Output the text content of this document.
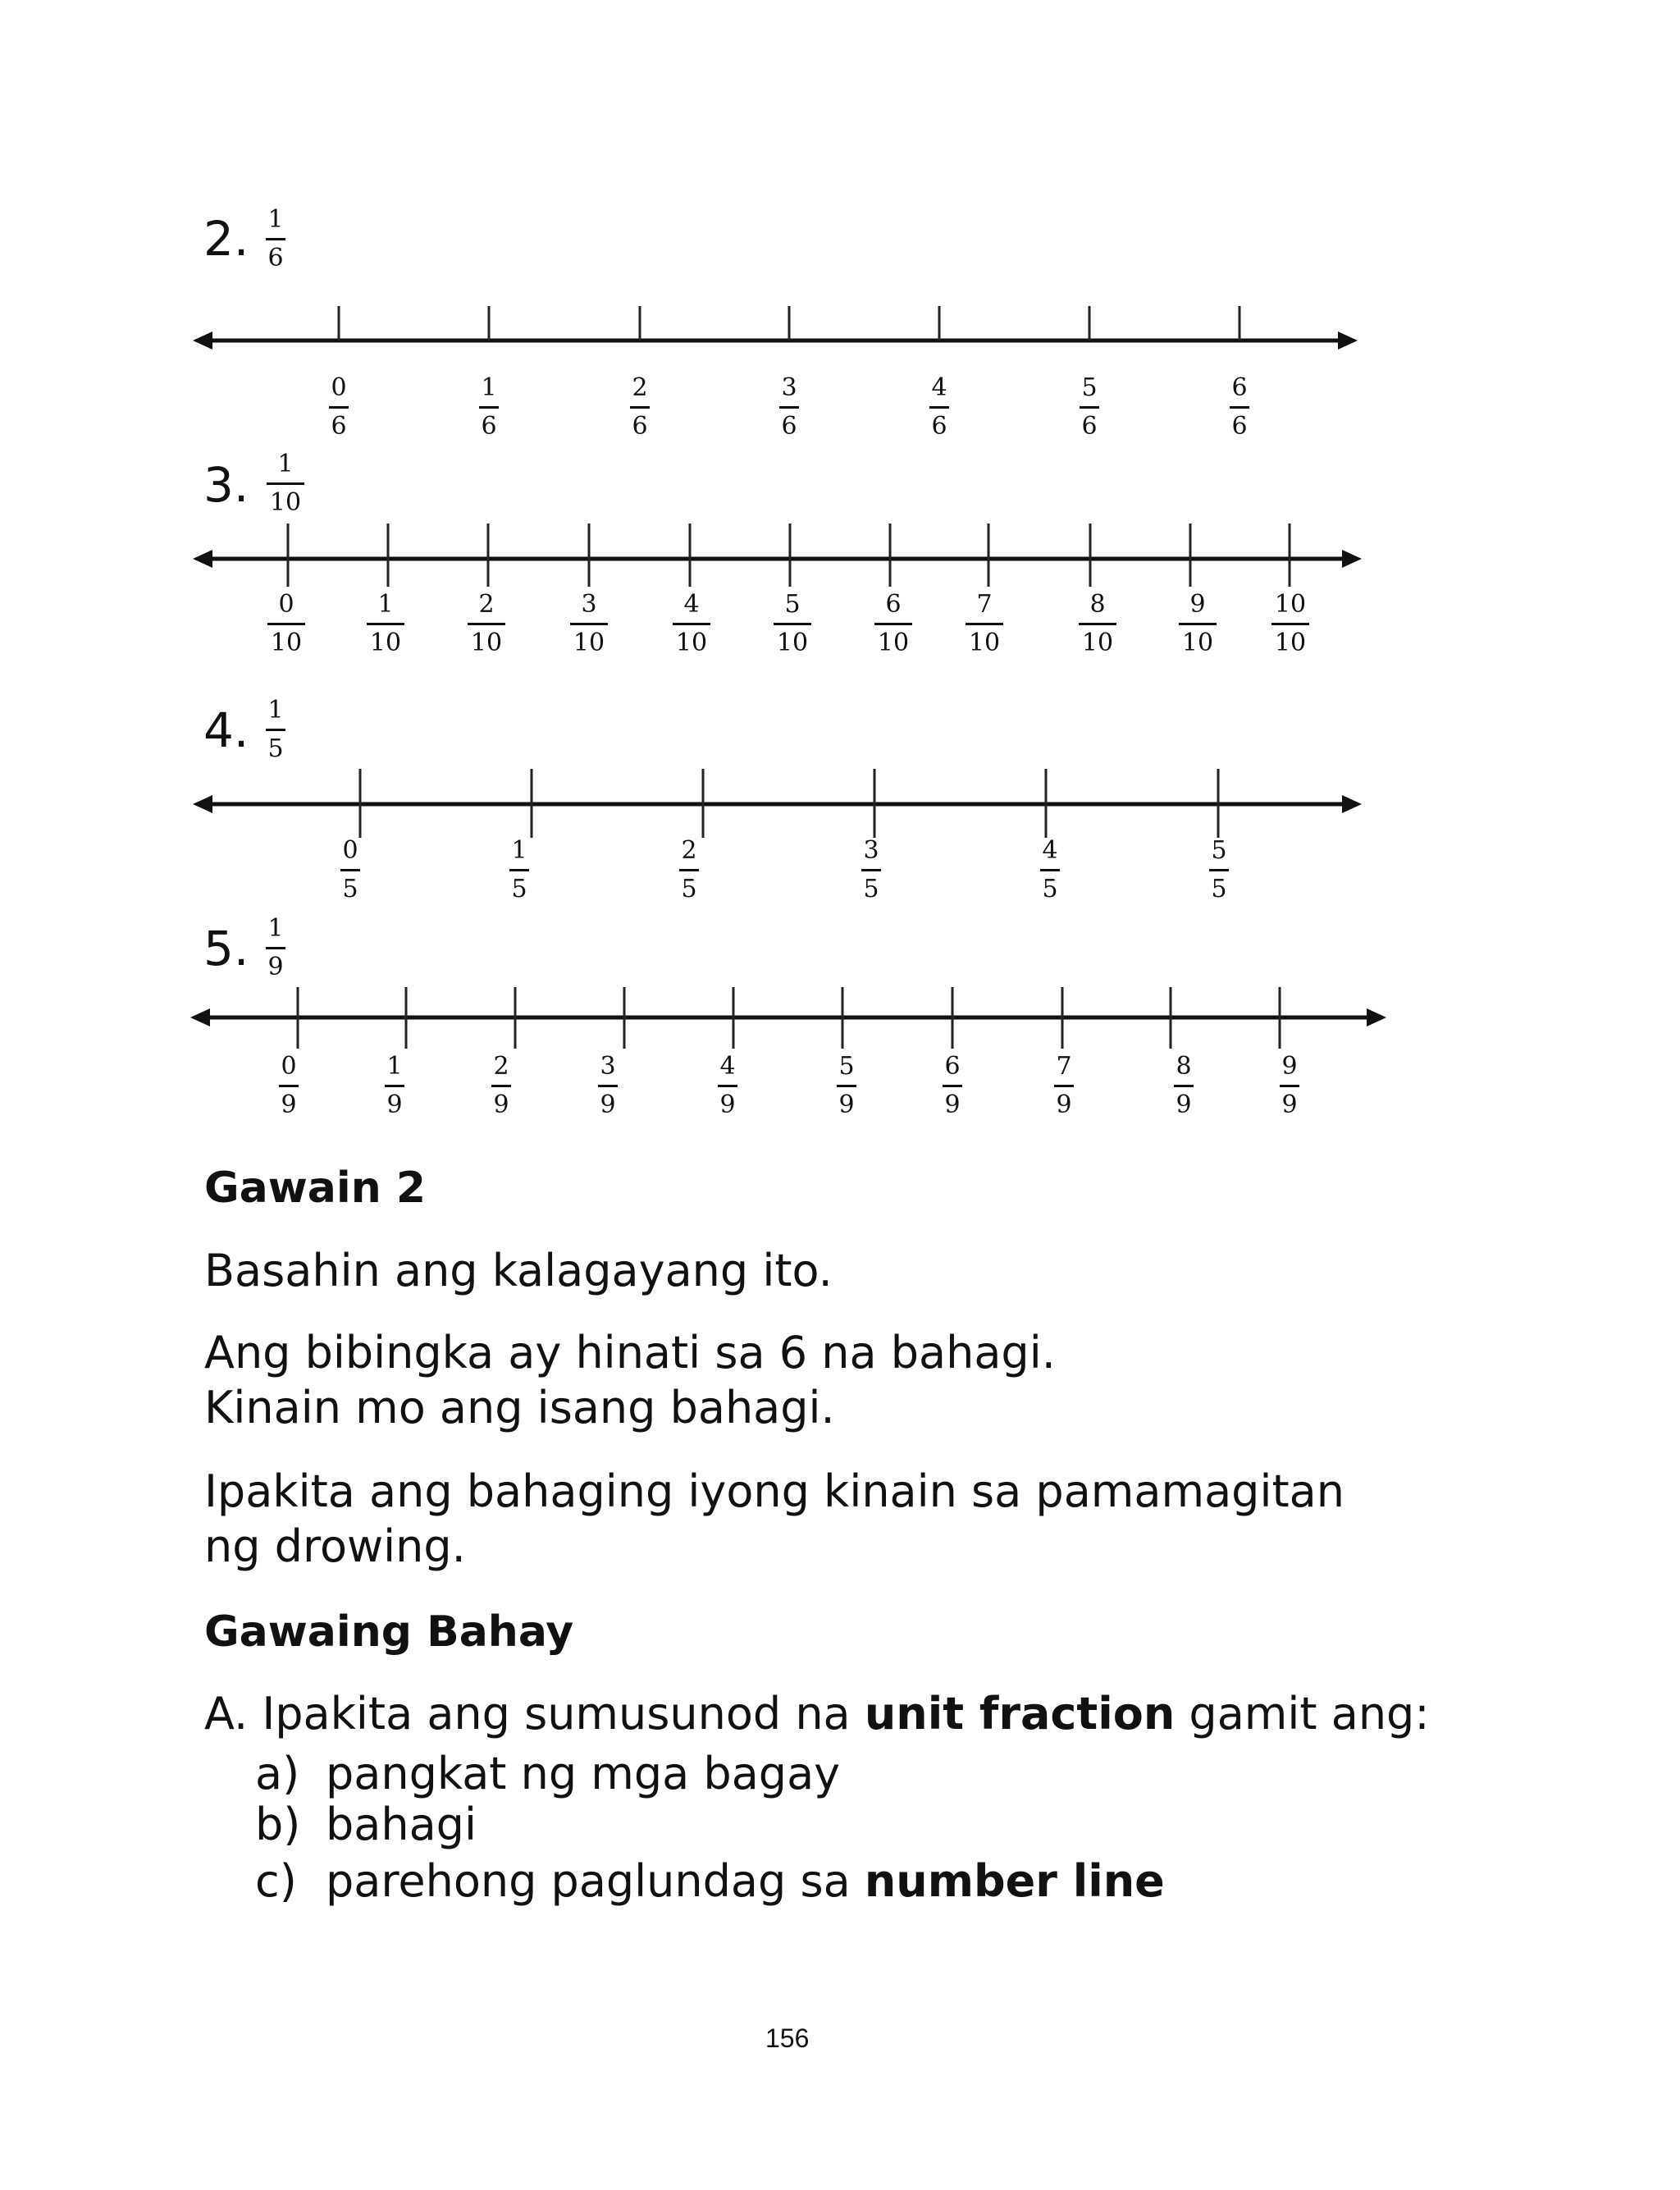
2. 1
6
0
6
1
6
2
6
3
6
4
6
5
6
6
6
3. 1
10
0
10
1
10
2
10
3
10
4
10
5
10
6
10
7
10
8
10
9
10
10
10
4. 1
5
0
5
1
5
2
5
3
5
4
5
5
5
5. 1
9
0
9
1
9
2
9
3
9
4
9
5
9
6
9
7
9
8
9
9
9
Gawain 2
Basahin ang kalagayang ito.
Ang bibingka ay hinati sa 6 na bahagi.
Kinain mo ang isang bahagi.
Ipakita ang bahaging iyong kinain sa pamamagitan
ng drowing.
Gawaing Bahay
A. Ipakita ang sumusunod na unit fraction gamit ang:
a) pangkat ng mga bagay
b) bahagi
c) parehong paglundag sa number line
156
